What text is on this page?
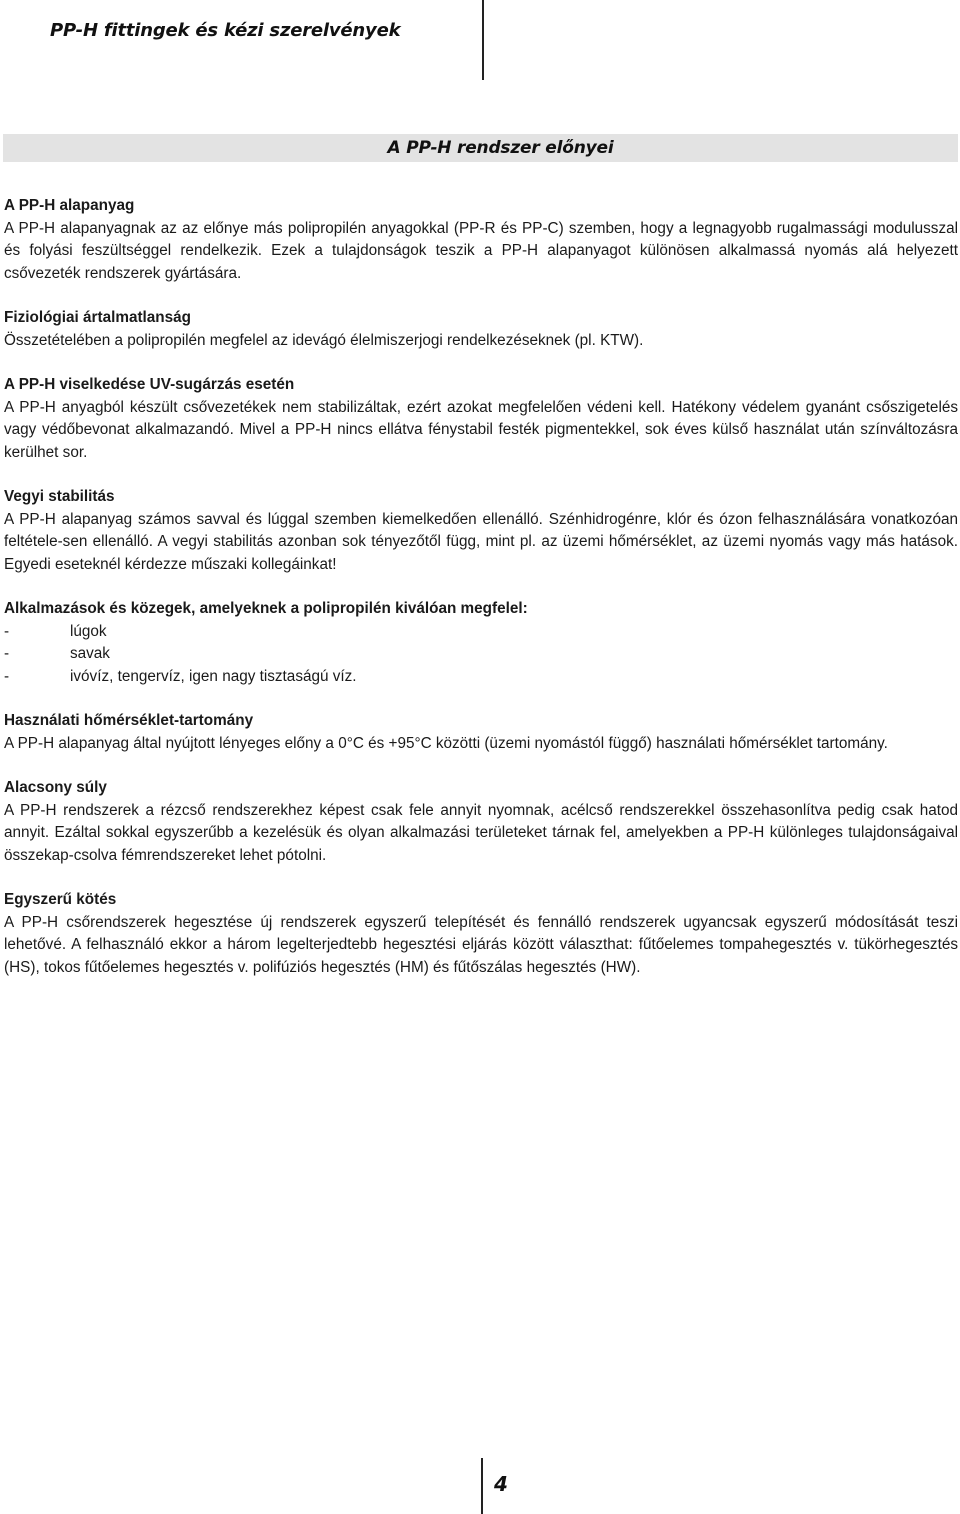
PP-H fittingek és kézi szerelvények
A PP-H rendszer előnyei

A PP-H alapanyag

A PP-H alapanyagnak az az előnye más polipropilén anyagokkal (PP-R és PP-C) szemben, hogy a legnagyobb rugalmassági modulusszal és folyási feszültséggel rendelkezik. Ezek a tulajdonságok teszik a PP-H alapanyagot különösen alkalmassá nyomás alá helyezett csővezeték rendszerek gyártására.

Fiziológiai ártalmatlanság

Összetételében a polipropilén megfelel az idevágó élelmiszerjogi rendelkezéseknek (pl. KTW).

A PP-H viselkedése UV-sugárzás esetén

A PP-H anyagból készült csővezetékek nem stabilizáltak, ezért azokat megfelelően védeni kell. Hatékony védelem gyanánt csőszigetelés vagy védőbevonat alkalmazandó. Mivel a PP-H nincs ellátva fénystabil festék pigmentekkel, sok éves külső használat után színváltozásra kerülhet sor.

Vegyi stabilitás

A PP-H alapanyag számos savval és lúggal szemben kiemelkedően ellenálló. Szénhidrogénre, klór és ózon felhasználására vonatkozóan feltétele-sen ellenálló. A vegyi stabilitás azonban sok tényezőtől függ, mint pl. az üzemi hőmérséklet, az üzemi nyomás vagy más hatások. Egyedi eseteknél kérdezze műszaki kollegáinkat!

Alkalmazások és közegek, amelyeknek a polipropilén kiválóan megfelel:

-	lúgok
-	savak
-	ivóvíz, tengervíz, igen nagy tisztaságú víz.

Használati hőmérséklet-tartomány

A PP-H alapanyag által nyújtott lényeges előny a 0°C és +95°C közötti (üzemi nyomástól függő) használati hőmérséklet tartomány.

Alacsony súly

A PP-H rendszerek a rézcső rendszerekhez képest csak fele annyit nyomnak, acélcső rendszerekkel összehasonlítva pedig csak hatod annyit. Ezáltal sokkal egyszerűbb a kezelésük és olyan alkalmazási területeket tárnak fel, amelyekben a PP-H különleges tulajdonságaival összekap-csolva fémrendszereket lehet pótolni.

Egyszerű kötés

A PP-H csőrendszerek hegesztése új rendszerek egyszerű telepítését és fennálló rendszerek ugyancsak egyszerű módosítását teszi lehetővé. A felhasználó ekkor a három legelterjedtebb hegesztési eljárás között választhat: fűtőelemes tompahegesztés v. tükörhegesztés (HS), tokos fűtőelemes hegesztés v. polifúziós hegesztés (HM) és fűtőszálas hegesztés (HW).

4
